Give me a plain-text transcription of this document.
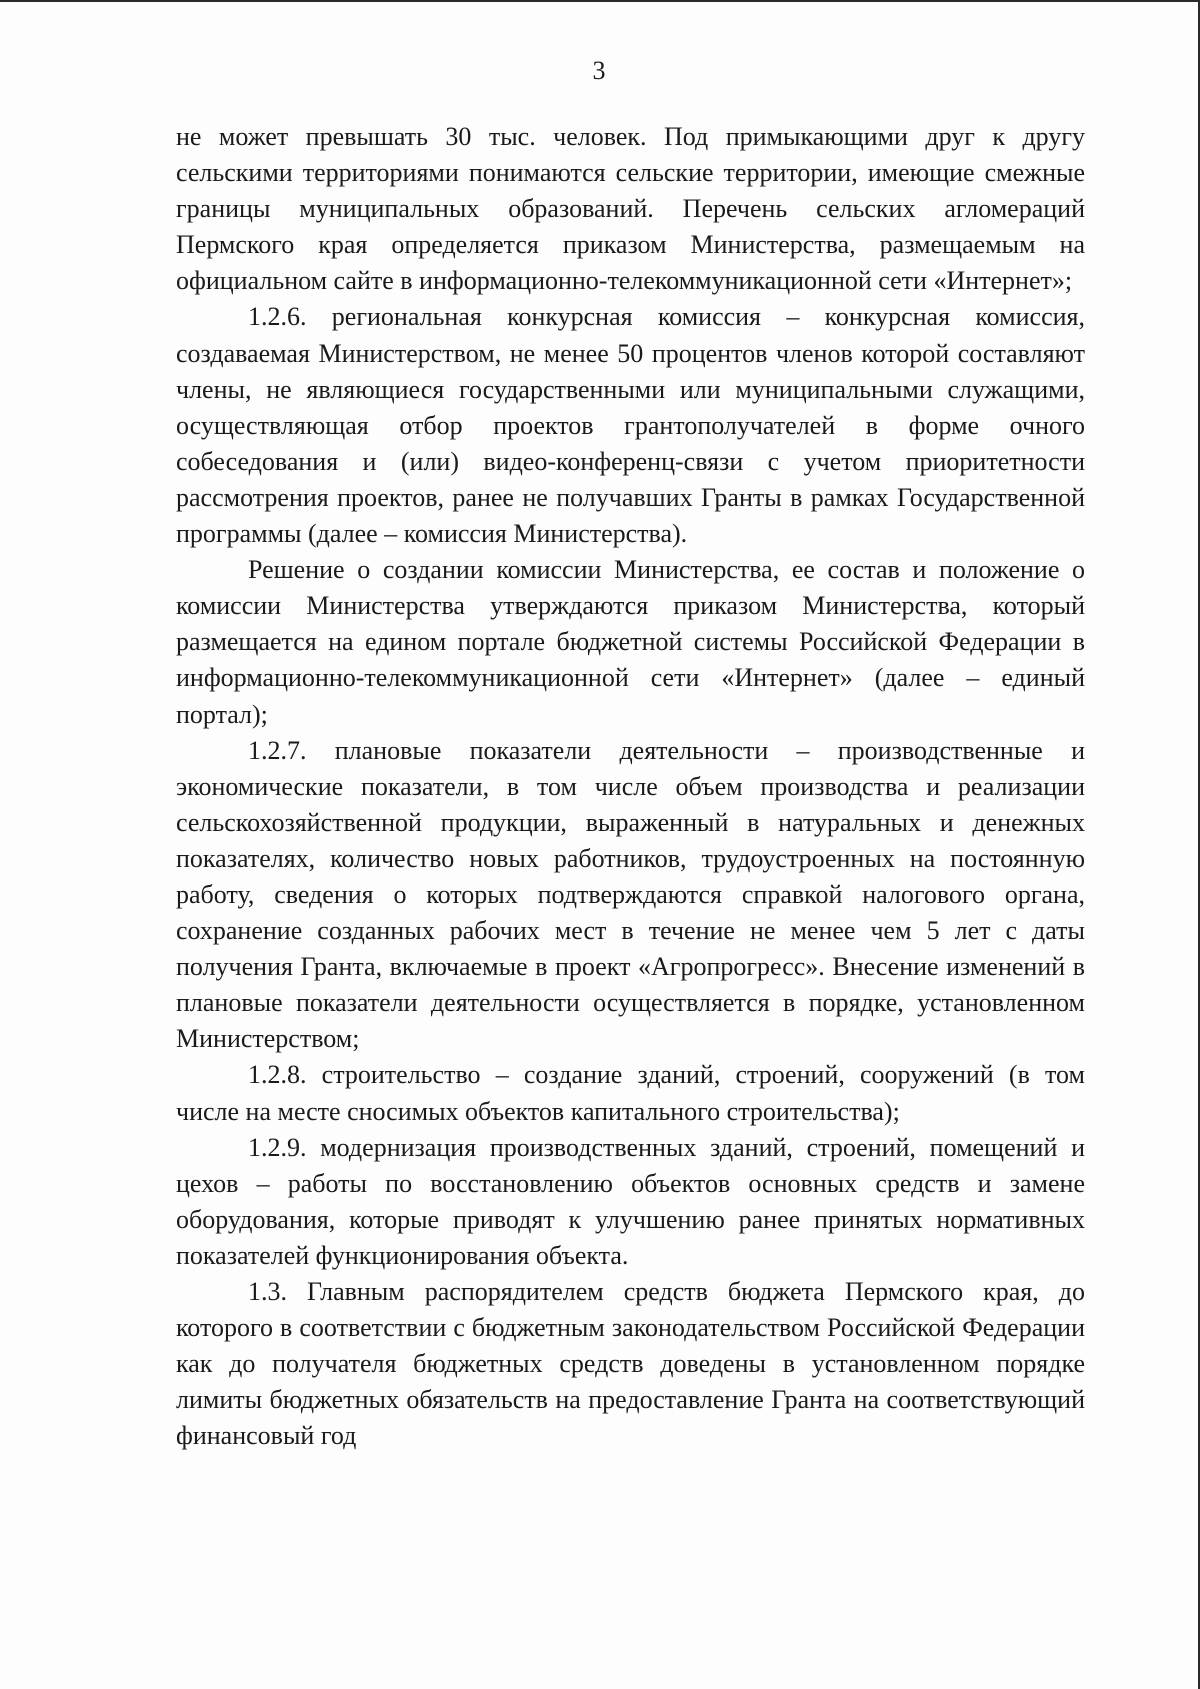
3

не может превышать 30 тыс. человек. Под примыкающими друг к другу сельскими территориями понимаются сельские территории, имеющие смежные границы муниципальных образований. Перечень сельских агломераций Пермского края определяется приказом Министерства, размещаемым на официальном сайте в информационно-телекоммуникационной сети «Интернет»;

1.2.6. региональная конкурсная комиссия – конкурсная комиссия, создаваемая Министерством, не менее 50 процентов членов которой составляют члены, не являющиеся государственными или муниципальными служащими, осуществляющая отбор проектов грантополучателей в форме очного собеседования и (или) видео-конференц-связи с учетом приоритетности рассмотрения проектов, ранее не получавших Гранты в рамках Государственной программы (далее – комиссия Министерства).

Решение о создании комиссии Министерства, ее состав и положение о комиссии Министерства утверждаются приказом Министерства, который размещается на едином портале бюджетной системы Российской Федерации в информационно-телекоммуникационной сети «Интернет» (далее – единый портал);

1.2.7. плановые показатели деятельности – производственные и экономические показатели, в том числе объем производства и реализации сельскохозяйственной продукции, выраженный в натуральных и денежных показателях, количество новых работников, трудоустроенных на постоянную работу, сведения о которых подтверждаются справкой налогового органа, сохранение созданных рабочих мест в течение не менее чем 5 лет с даты получения Гранта, включаемые в проект «Агропрогресс». Внесение изменений в плановые показатели деятельности осуществляется в порядке, установленном Министерством;

1.2.8. строительство – создание зданий, строений, сооружений (в том числе на месте сносимых объектов капитального строительства);

1.2.9. модернизация производственных зданий, строений, помещений и цехов – работы по восстановлению объектов основных средств и замене оборудования, которые приводят к улучшению ранее принятых нормативных показателей функционирования объекта.

1.3. Главным распорядителем средств бюджета Пермского края, до которого в соответствии с бюджетным законодательством Российской Федерации как до получателя бюджетных средств доведены в установленном порядке лимиты бюджетных обязательств на предоставление Гранта на соответствующий финансовый год
